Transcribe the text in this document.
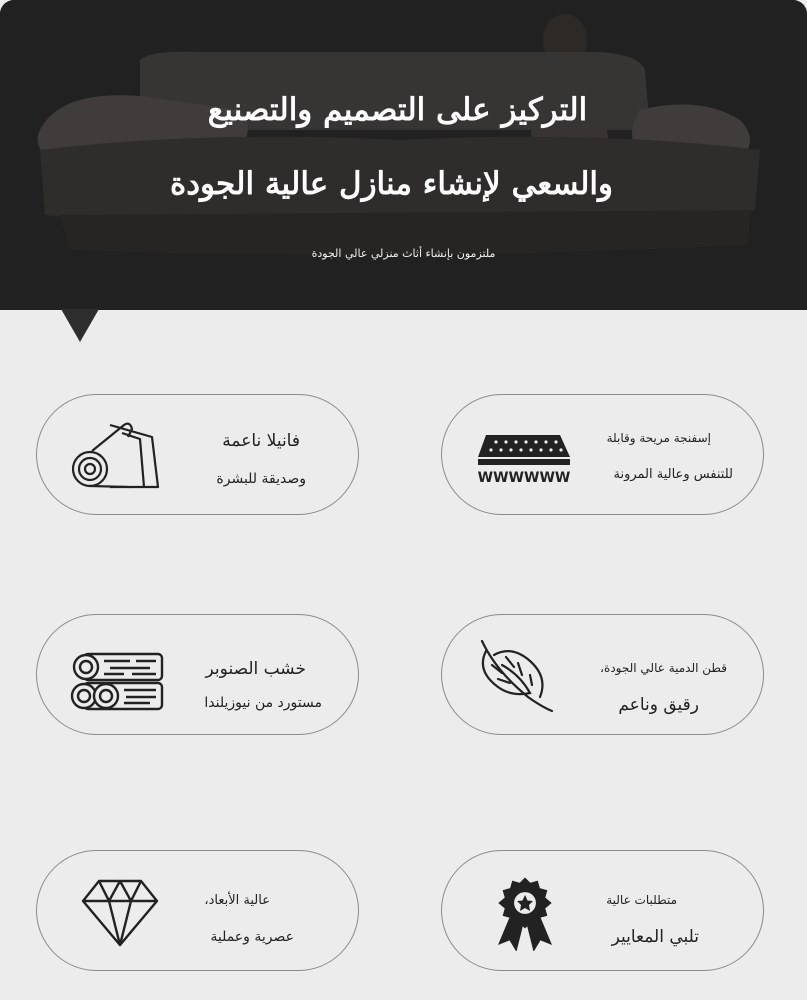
التركيز على التصميم والتصنيع
والسعي لإنشاء منازل عالية الجودة
ملتزمون بإنشاء أثاث منزلي عالي الجودة
فانيلا ناعمة
وصديقة للبشرة	WWWWWW
إسفنجة مريحة وقابلة
للتنفس وعالية المرونة
خشب الصنوبر
مستورد من نيوزيلندا
قطن الدمية عالي الجودة،
رقيق وناعم
عالية الأبعاد،
عصرية وعملية
متطلبات عالية
تلبي المعايير
